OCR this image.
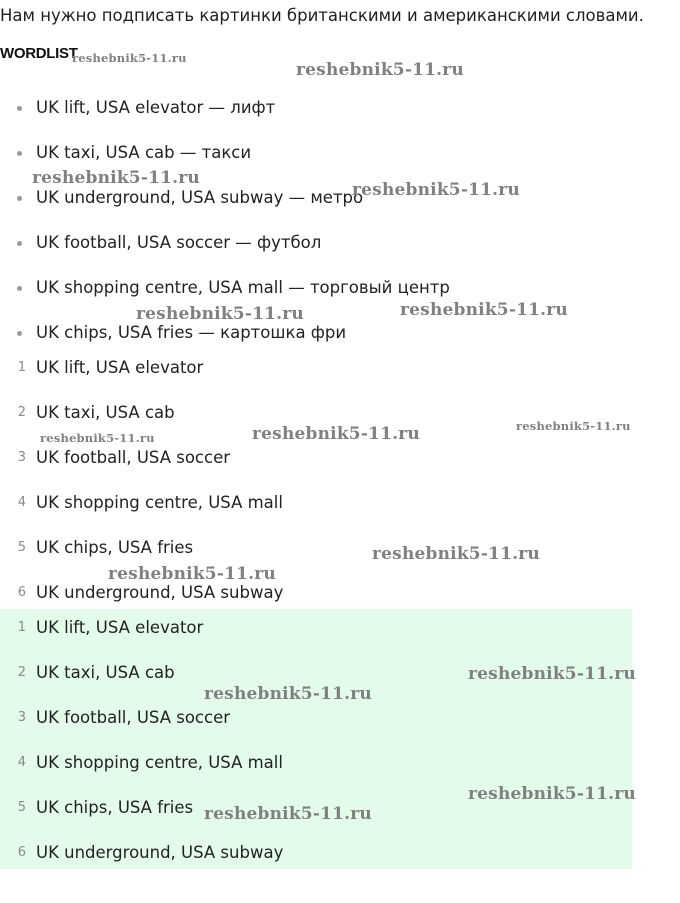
Нам нужно подписать картинки британскими и американскими словами.
WORDLIST
UK lift, USA elevator — лифт
UK taxi, USA cab — такси
UK underground, USA subway — метро
UK football, USA soccer — футбол
UK shopping centre, USA mall — торговый центр
UK chips, USA fries — картошка фри
1 UK lift, USA elevator
2 UK taxi, USA cab
3 UK football, USA soccer
4 UK shopping centre, USA mall
5 UK chips, USA fries
6 UK underground, USA subway
1 UK lift, USA elevator
2 UK taxi, USA cab
3 UK football, USA soccer
4 UK shopping centre, USA mall
5 UK chips, USA fries
6 UK underground, USA subway
reshebnik5-11.ru
reshebnik5-11.ru
reshebnik5-11.ru
reshebnik5-11.ru
reshebnik5-11.ru	reshebnik5-11.ru
reshebnik5-11.ru	reshebnik5-11.ru	reshebnik5-11.ru
reshebnik5-11.ru
reshebnik5-11.ru
reshebnik5-11.ru
reshebnik5-11.ru
reshebnik5-11.ru
reshebnik5-11.ru
